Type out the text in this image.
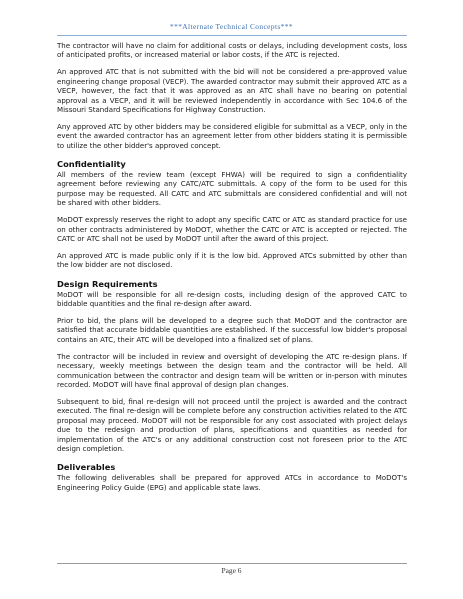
***Alternate Technical Concepts***

The contractor will have no claim for additional costs or delays, including development costs, loss of anticipated profits, or increased material or labor costs, if the ATC is rejected.

An approved ATC that is not submitted with the bid will not be considered a pre-approved value engineering change proposal (VECP). The awarded contractor may submit their approved ATC as a VECP, however, the fact that it was approved as an ATC shall have no bearing on potential approval as a VECP, and it will be reviewed independently in accordance with Sec 104.6 of the Missouri Standard Specifications for Highway Construction.

Any approved ATC by other bidders may be considered eligible for submittal as a VECP, only in the event the awarded contractor has an agreement letter from other bidders stating it is permissible to utilize the other bidder's approved concept.

Confidentiality

All members of the review team (except FHWA) will be required to sign a confidentiality agreement before reviewing any CATC/ATC submittals. A copy of the form to be used for this purpose may be requested. All CATC and ATC submittals are considered confidential and will not be shared with other bidders.

MoDOT expressly reserves the right to adopt any specific CATC or ATC as standard practice for use on other contracts administered by MoDOT, whether the CATC or ATC is accepted or rejected. The CATC or ATC shall not be used by MoDOT until after the award of this project.

An approved ATC is made public only if it is the low bid. Approved ATCs submitted by other than the low bidder are not disclosed.

Design Requirements

MoDOT will be responsible for all re-design costs, including design of the approved CATC to biddable quantities and the final re-design after award.

Prior to bid, the plans will be developed to a degree such that MoDOT and the contractor are satisfied that accurate biddable quantities are established. If the successful low bidder's proposal contains an ATC, their ATC will be developed into a finalized set of plans.

The contractor will be included in review and oversight of developing the ATC re-design plans. If necessary, weekly meetings between the design team and the contractor will be held. All communication between the contractor and design team will be written or in-person with minutes recorded. MoDOT will have final approval of design plan changes.

Subsequent to bid, final re-design will not proceed until the project is awarded and the contract executed. The final re-design will be complete before any construction activities related to the ATC proposal may proceed. MoDOT will not be responsible for any cost associated with project delays due to the redesign and production of plans, specifications and quantities as needed for implementation of the ATC's or any additional construction cost not foreseen prior to the ATC design completion.

Deliverables

The following deliverables shall be prepared for approved ATCs in accordance to MoDOT's Engineering Policy Guide (EPG) and applicable state laws.

Page 6
